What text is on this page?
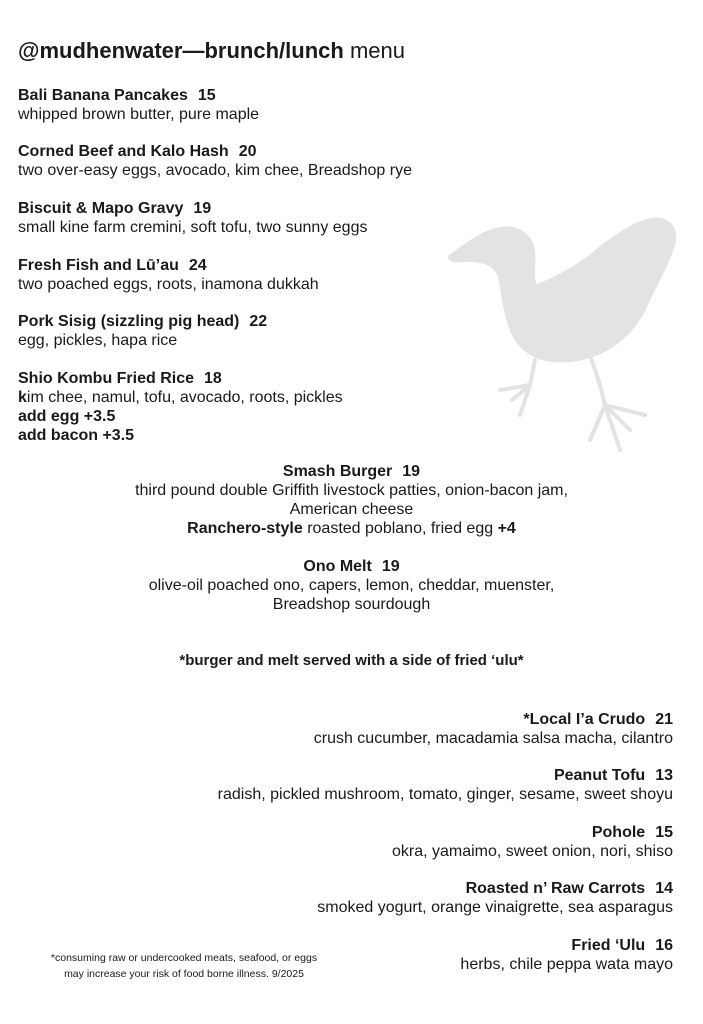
@mudhenwater—brunch/lunch menu
Bali Banana Pancakes 15
whipped brown butter, pure maple
Corned Beef and Kalo Hash 20
two over-easy eggs, avocado, kim chee, Breadshop rye
Biscuit & Mapo Gravy 19
small kine farm cremini, soft tofu, two sunny eggs
Fresh Fish and Lū’au 24
two poached eggs, roots, inamona dukkah
Pork Sisig (sizzling pig head) 22
egg, pickles, hapa rice
Shio Kombu Fried Rice 18
kim chee, namul, tofu, avocado, roots, pickles
add egg +3.5
add bacon +3.5
Smash Burger 19
third pound double Griffith livestock patties, onion-bacon jam,
American cheese
Ranchero-style roasted poblano, fried egg +4
Ono Melt 19
olive-oil poached ono, capers, lemon, cheddar, muenster,
Breadshop sourdough
*burger and melt served with a side of fried ‘ulu*
*Local I’a Crudo 21
crush cucumber, macadamia salsa macha, cilantro
Peanut Tofu 13
radish, pickled mushroom, tomato, ginger, sesame, sweet shoyu
Pohole 15
okra, yamaimo, sweet onion, nori, shiso
Roasted n’ Raw Carrots 14
smoked yogurt, orange vinaigrette, sea asparagus
Fried ‘Ulu 16
herbs, chile peppa wata mayo
*consuming raw or undercooked meats, seafood, or eggs
may increase your risk of food borne illness. 9/2025
